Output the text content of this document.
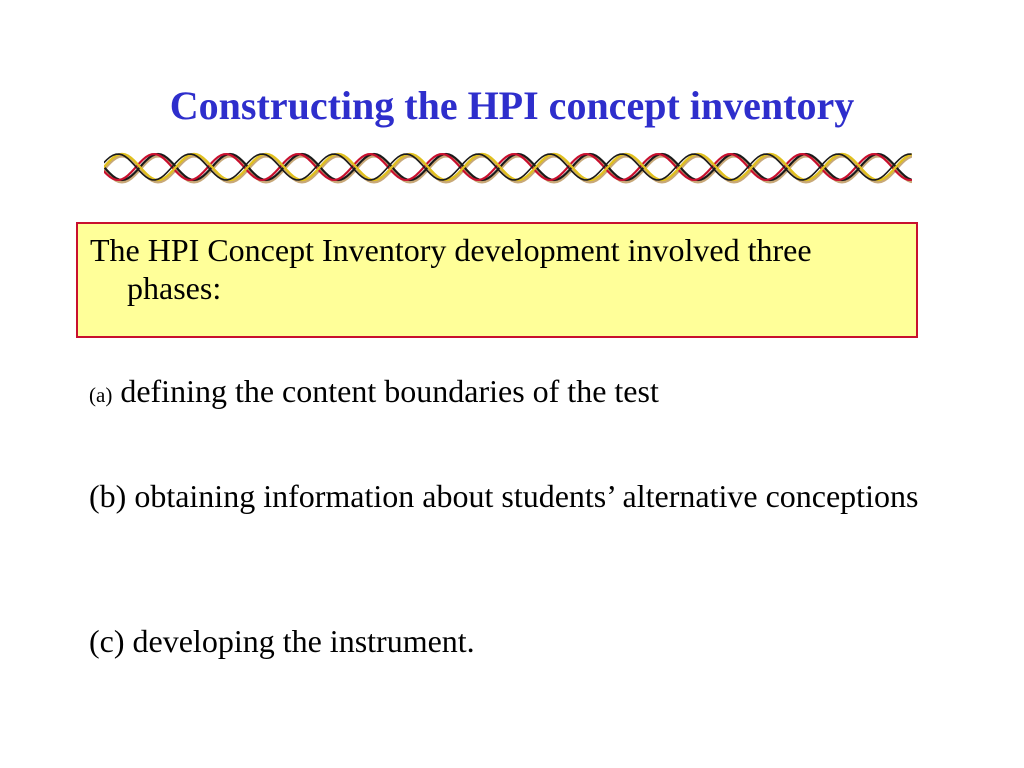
Constructing the HPI concept inventory

The HPI Concept Inventory development involved three phases:

(a) defining the content boundaries of the test

(b) obtaining information about students’ alternative conceptions

(c) developing the instrument.
